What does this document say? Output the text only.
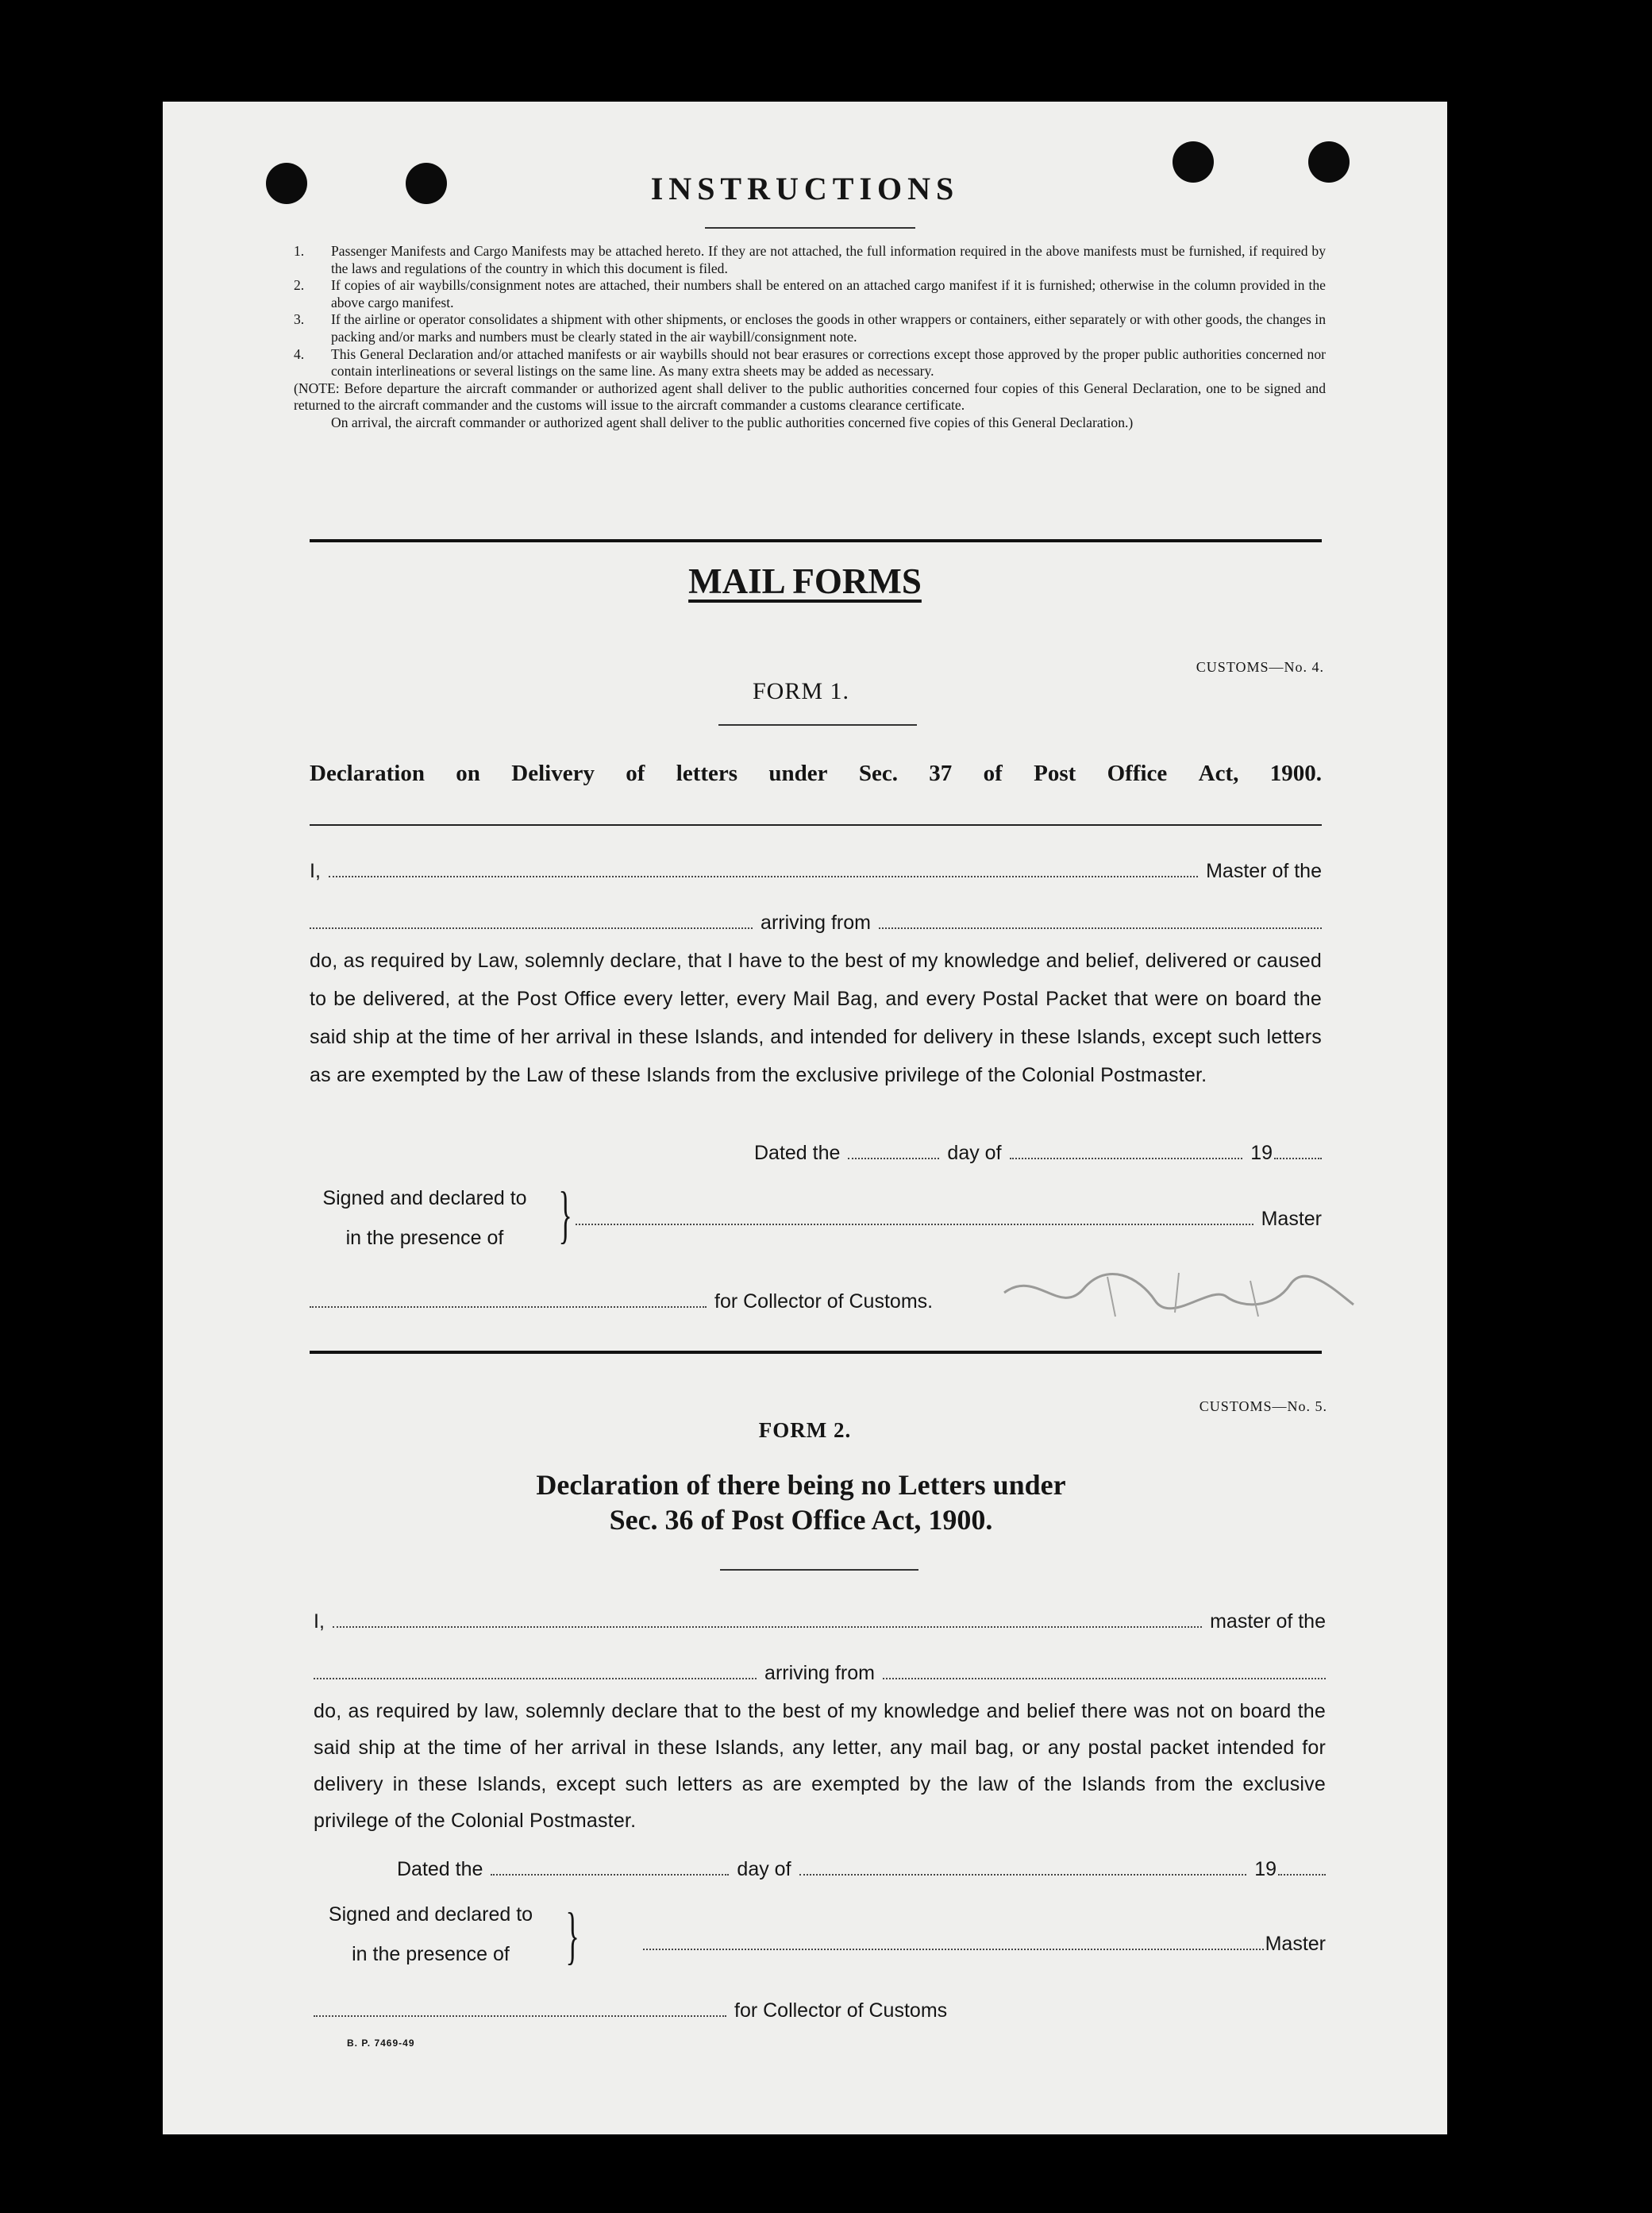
INSTRUCTIONS
1. Passenger Manifests and Cargo Manifests may be attached hereto. If they are not attached, the full information required in the above manifests must be furnished, if required by the laws and regulations of the country in which this document is filed.
2. If copies of air waybills/consignment notes are attached, their numbers shall be entered on an attached cargo manifest if it is furnished; otherwise in the column provided in the above cargo manifest.
3. If the airline or operator consolidates a shipment with other shipments, or encloses the goods in other wrappers or containers, either separately or with other goods, the changes in packing and/or marks and numbers must be clearly stated in the air waybill/consignment note.
4. This General Declaration and/or attached manifests or air waybills should not bear erasures or corrections except those approved by the proper public authorities concerned nor contain interlineations or several listings on the same line. As many extra sheets may be added as necessary.
(NOTE: Before departure the aircraft commander or authorized agent shall deliver to the public authorities concerned four copies of this General Declaration, one to be signed and returned to the aircraft commander and the customs will issue to the aircraft commander a customs clearance certificate.
On arrival, the aircraft commander or authorized agent shall deliver to the public authorities concerned five copies of this General Declaration.)
MAIL FORMS
CUSTOMS—No. 4.
FORM 1.
Declaration on Delivery of letters under Sec. 37 of Post Office Act, 1900.
I,	Master of the
arriving from
do, as required by Law, solemnly declare, that I have to the best of my knowledge and belief, delivered or caused to be delivered, at the Post Office every letter, every Mail Bag, and every Postal Packet that were on board the said ship at the time of her arrival in these Islands, and intended for delivery in these Islands, except such letters as are exempted by the Law of these Islands from the exclusive privilege of the Colonial Postmaster.
Dated the	day of	19
Signed and declared to
in the presence of }	Master
for Collector of Customs.
CUSTOMS—No. 5.
FORM 2.
Declaration of there being no Letters under
Sec. 36 of Post Office Act, 1900.
I,	master of the
arriving from
do, as required by law, solemnly declare that to the best of my knowledge and belief there was not on board the said ship at the time of her arrival in these Islands, any letter, any mail bag, or any postal packet intended for delivery in these Islands, except such letters as are exempted by the law of the Islands from the exclusive privilege of the Colonial Postmaster.
Dated the	day of	19
Signed and declared to
in the presence of }	Master
for Collector of Customs
B. P. 7469-49
